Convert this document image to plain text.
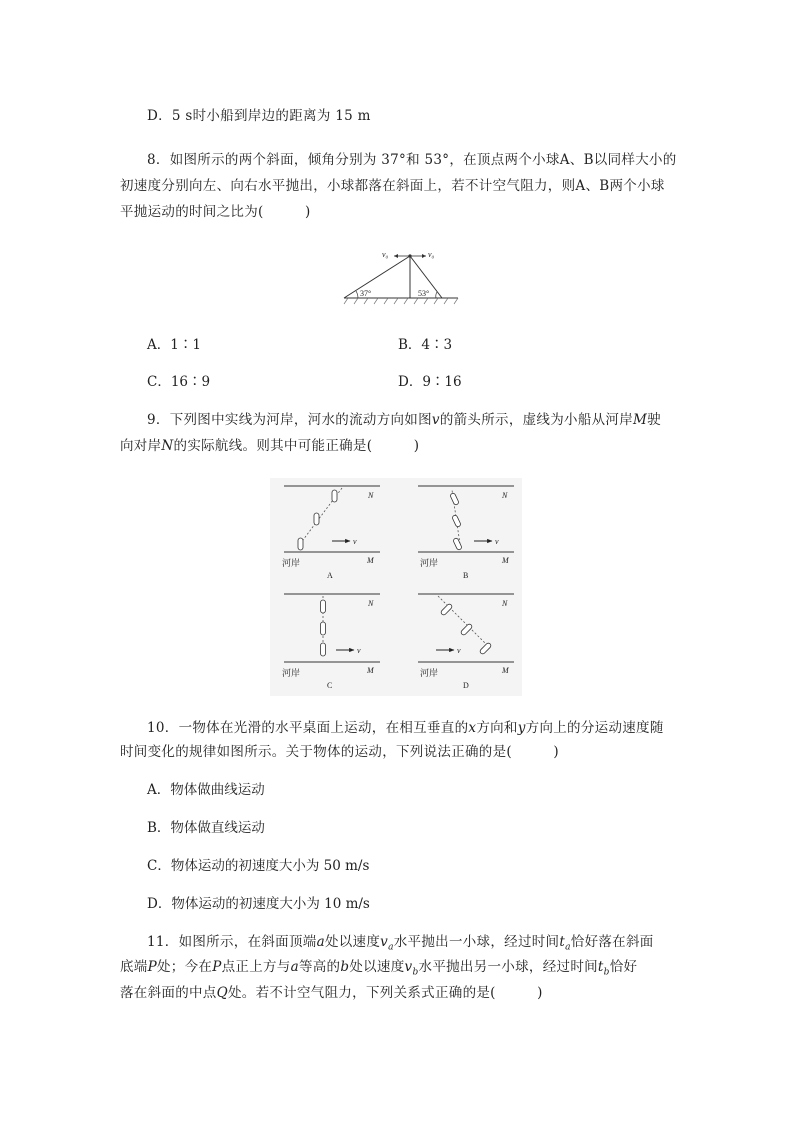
D．5 s时小船到岸边的距离为 15 m
8．如图所示的两个斜面，倾角分别为 37°和 53°，在顶点两个小球A、B以同样大小的
初速度分别向左、向右水平抛出，小球都落在斜面上，若不计空气阻力，则A、B两个小球
平抛运动的时间之比为(　　　)
v₀	v₀
37°	53°
A．1∶1	B．4∶3
C．16∶9	D．9∶16
9．下列图中实线为河岸，河水的流动方向如图v的箭头所示，虚线为小船从河岸M驶
向对岸N的实际航线。则其中可能正确是(　　　)
v
N
M
河岸
A
v
N
M
河岸
B
v
N
M
河岸
C
v
N
M
河岸
D
10．一物体在光滑的水平桌面上运动，在相互垂直的x方向和y方向上的分运动速度随
时间变化的规律如图所示。关于物体的运动，下列说法正确的是(　　　)
A．物体做曲线运动
B．物体做直线运动
C．物体运动的初速度大小为 50 m/s
D．物体运动的初速度大小为 10 m/s
11．如图所示，在斜面顶端a处以速度$v_a$水平抛出一小球，经过时间$t_a$恰好落在斜面
底端P处；今在P点正上方与a等高的b处以速度$v_b$水平抛出另一小球，经过时间$t_b$恰好
落在斜面的中点Q处。若不计空气阻力，下列关系式正确的是(　　　)
